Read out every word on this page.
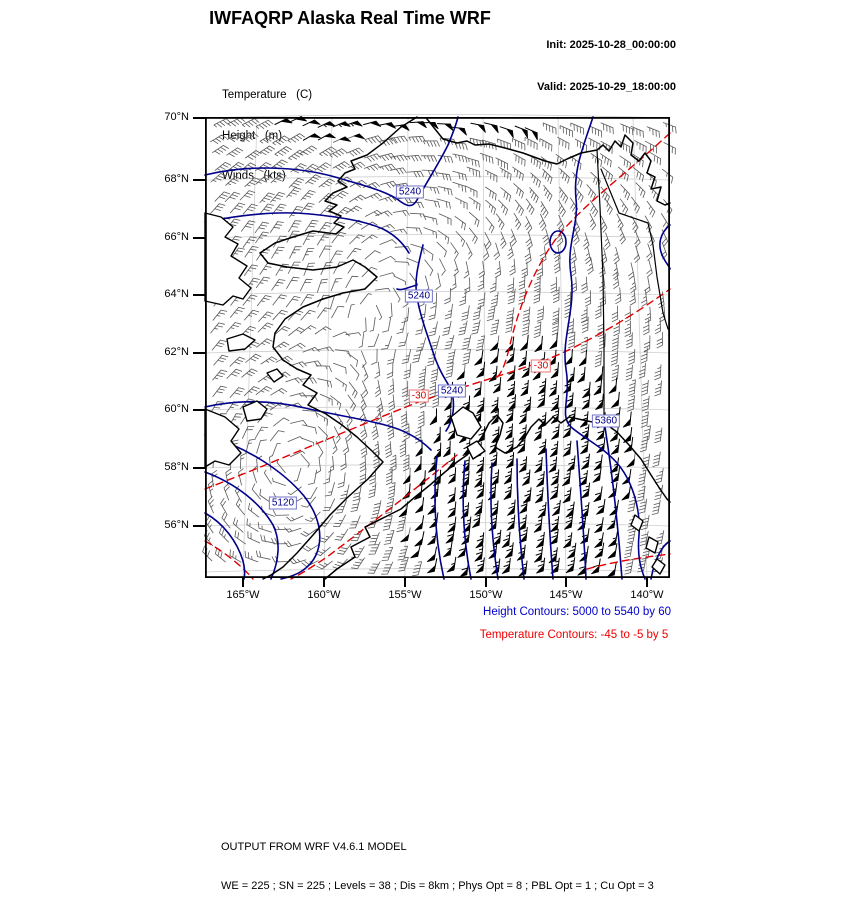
IWFAQRP Alaska Real Time WRF

Init: 2025-10-28_00:00:00

Valid: 2025-10-29_18:00:00

Temperature   (C)

Height   (m)

Winds   (kts)

70°N
68°N
66°N
64°N
62°N
60°N
58°N
56°N
165°W	160°W	155°W	150°W	145°W	140°W
5240
5240
5240
5120
5360
-30
-30
Height Contours: 5000 to 5540 by 60
Temperature Contours: -45 to -5 by 5

OUTPUT FROM WRF V4.6.1 MODEL

WE = 225 ; SN = 225 ; Levels = 38 ; Dis = 8km ; Phys Opt = 8 ; PBL Opt = 1 ; Cu Opt = 3
